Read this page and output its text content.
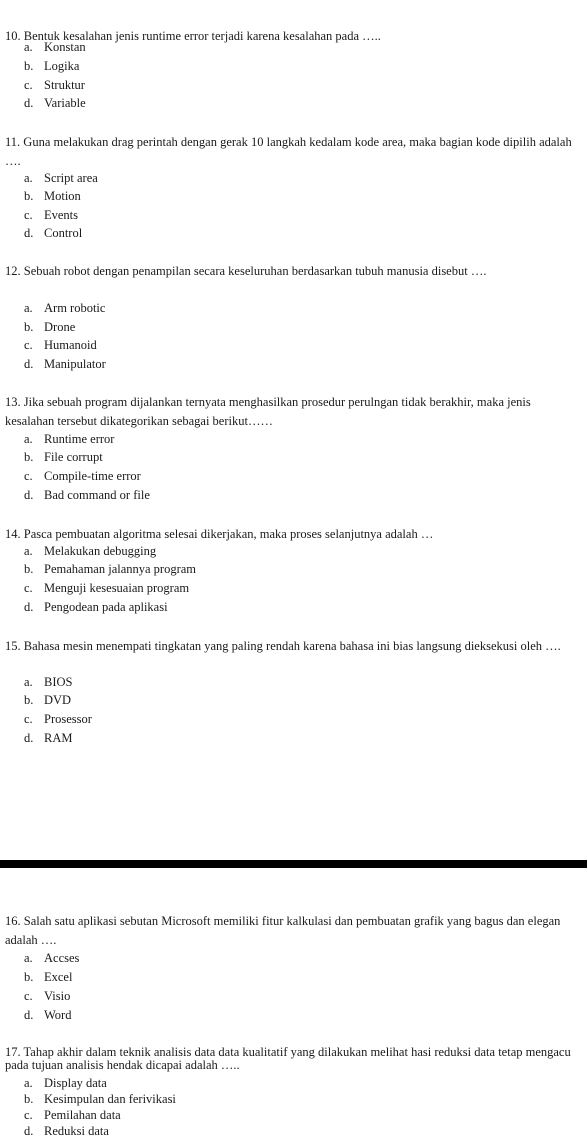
10. Bentuk kesalahan jenis runtime error terjadi karena kesalahan pada …..

a. Konstan
b. Logika
c. Struktur
d. Variable

11. Guna melakukan drag perintah dengan gerak 10 langkah kedalam kode area, maka bagian kode dipilih adalah ….

a. Script area
b. Motion
c. Events
d. Control

12. Sebuah robot dengan penampilan secara keseluruhan berdasarkan tubuh manusia disebut ….

a. Arm robotic
b. Drone
c. Humanoid
d. Manipulator

13. Jika sebuah program dijalankan ternyata menghasilkan prosedur perulngan tidak berakhir, maka jenis kesalahan tersebut dikategorikan sebagai berikut……

a. Runtime error
b. File corrupt
c. Compile-time error
d. Bad command or file

14. Pasca pembuatan algoritma selesai dikerjakan, maka proses selanjutnya adalah …

a. Melakukan debugging
b. Pemahaman jalannya program
c. Menguji kesesuaian program
d. Pengodean pada aplikasi

15. Bahasa mesin menempati tingkatan yang paling rendah karena bahasa ini bias langsung dieksekusi oleh ….

a. BIOS
b. DVD
c. Prosessor
d. RAM

16. Salah satu aplikasi sebutan Microsoft memiliki fitur kalkulasi dan pembuatan grafik yang bagus dan elegan adalah ….

a. Accses
b. Excel
c. Visio
d. Word

17. Tahap akhir dalam teknik analisis data data kualitatif yang dilakukan melihat hasi reduksi data tetap mengacu pada tujuan analisis hendak dicapai adalah …..

a. Display data
b. Kesimpulan dan ferivikasi
c. Pemilahan data
d. Reduksi data
